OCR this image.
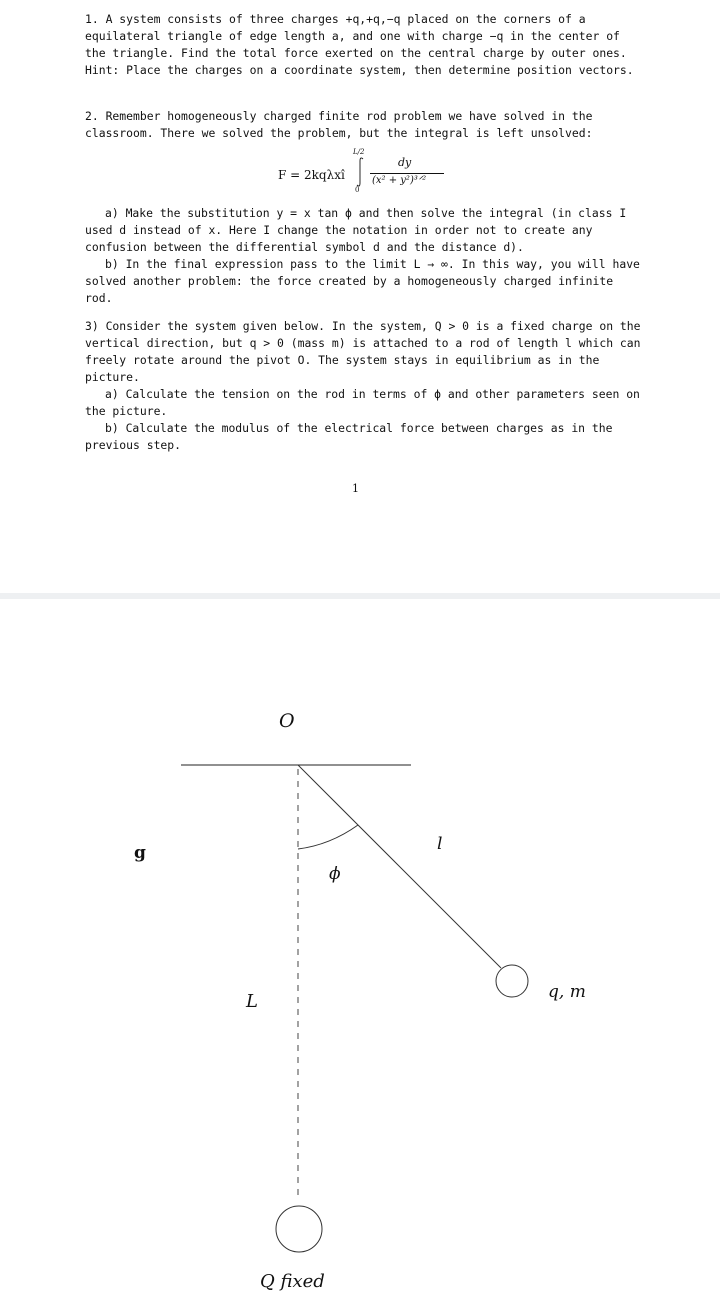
1. A system consists of three charges +q,+q,−q placed on the corners of a equilateral triangle of edge length a, and one with charge −q in the center of the triangle. Find the total force exerted on the central charge by outer ones. Hint: Place the charges on a coordinate system, then determine position vectors.

2. Remember homogeneously charged finite rod problem we have solved in the classroom. There we solved the problem, but the integral is left unsolved:

F = 2kqλxî
L/2
0
dy
(x² + y²)³ᐟ²

a) Make the substitution y = x tan ϕ and then solve the integral (in class I used d instead of x. Here I change the notation in order not to create any confusion between the differential symbol d and the distance d).

b) In the final expression pass to the limit L → ∞. In this way, you will have solved another problem: the force created by a homogeneously charged infinite rod.

3) Consider the system given below. In the system, Q > 0 is a fixed charge on the vertical direction, but q > 0 (mass m) is attached to a rod of length l which can freely rotate around the pivot O. The system stays in equilibrium as in the picture.

a) Calculate the tension on the rod in terms of ϕ and other parameters seen on the picture.

b) Calculate the modulus of the electrical force between charges as in the previous step.

1
O
l
ϕ
g
L	q, m
Q fixed
